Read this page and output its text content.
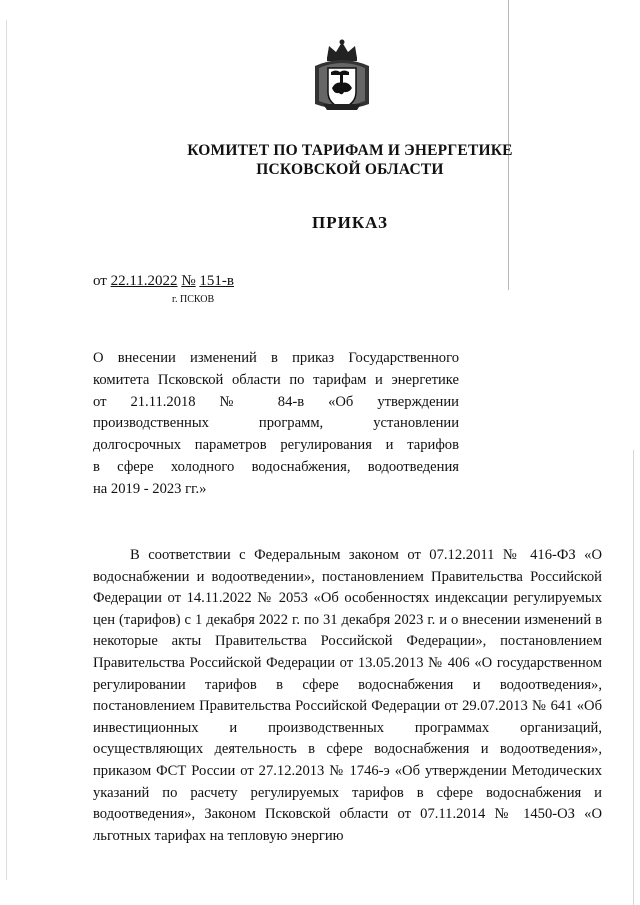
КОМИТЕТ ПО ТАРИФАМ И ЭНЕРГЕТИКЕ
ПСКОВСКОЙ ОБЛАСТИ
ПРИКАЗ
от 22.11.2022 № 151-в
г. ПСКОВ
О внесении изменений в приказ Государственного
комитета Псковской области по тарифам и энергетике
от 21.11.2018 № 84-в «Об утверждении
производственных программ, установлении
долгосрочных параметров регулирования и тарифов
в сфере холодного водоснабжения, водоотведения
на 2019 - 2023 гг.»
В соответствии с Федеральным законом от 07.12.2011 № 416-ФЗ «О водоснабжении и водоотведении», постановлением Правительства Российской Федерации от 14.11.2022 № 2053 «Об особенностях индексации регулируемых цен (тарифов) с 1 декабря 2022 г. по 31 декабря 2023 г. и о внесении изменений в некоторые акты Правительства Российской Федерации», постановлением Правительства Российской Федерации от 13.05.2013 № 406 «О государственном регулировании тарифов в сфере водоснабжения и водоотведения», постановлением Правительства Российской Федерации от 29.07.2013 № 641 «Об инвестиционных и производственных программах организаций, осуществляющих деятельность в сфере водоснабжения и водоотведения», приказом ФСТ России от 27.12.2013 № 1746-э «Об утверждении Методических указаний по расчету регулируемых тарифов в сфере водоснабжения и водоотведения», Законом Псковской области от 07.11.2014 № 1450-ОЗ «О льготных тарифах на тепловую энергию
